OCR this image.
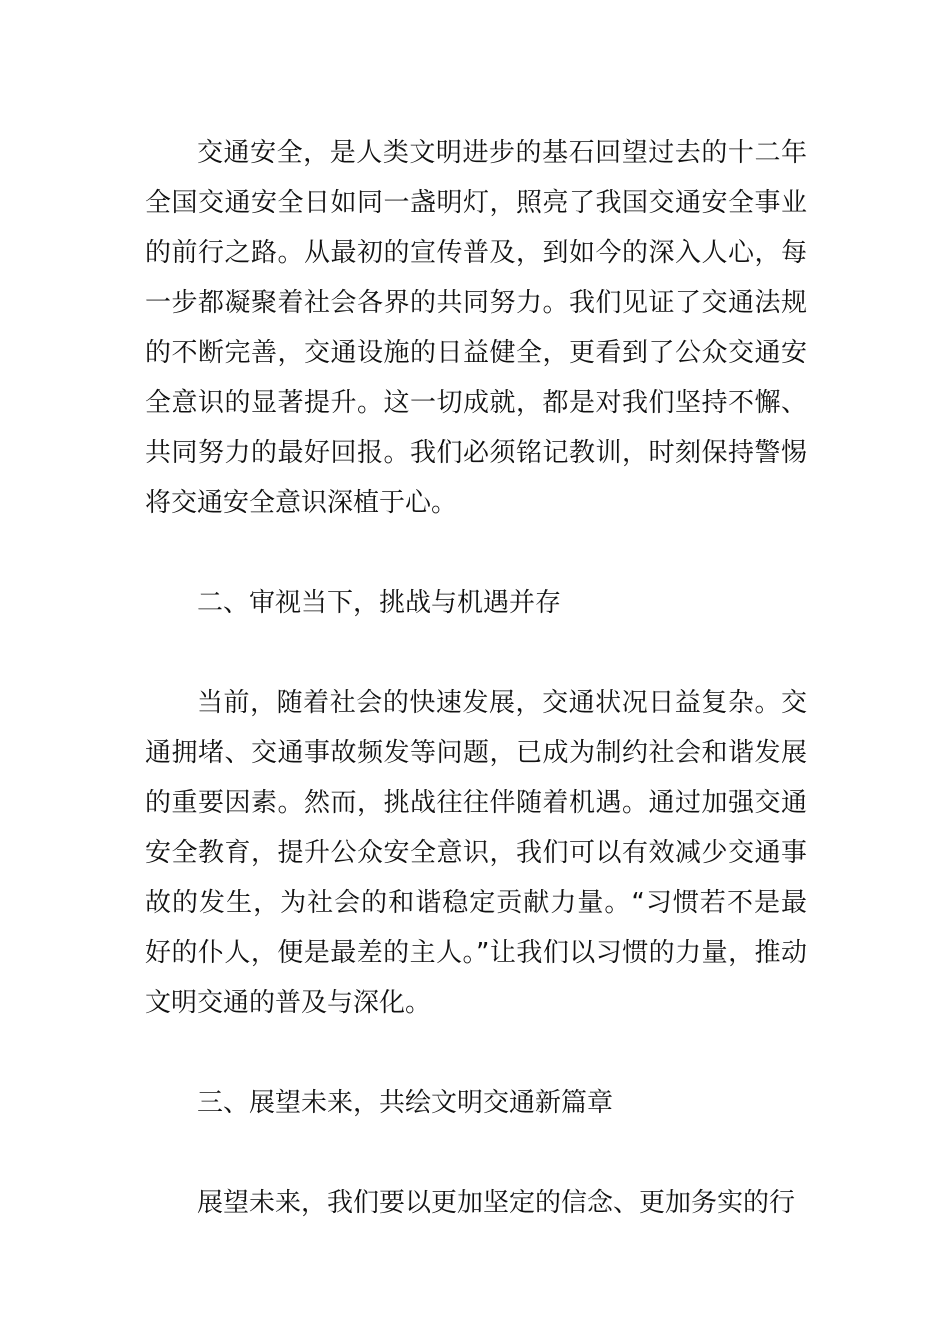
交通安全，是人类文明进步的基石回望过去的十二年全国交通安全日如同一盏明灯，照亮了我国交通安全事业的前行之路。从最初的宣传普及，到如今的深入人心，每一步都凝聚着社会各界的共同努力。我们见证了交通法规的不断完善，交通设施的日益健全，更看到了公众交通安全意识的显著提升。这一切成就，都是对我们坚持不懈、共同努力的最好回报。我们必须铭记教训，时刻保持警惕将交通安全意识深植于心。

二、审视当下，挑战与机遇并存

当前，随着社会的快速发展，交通状况日益复杂。交通拥堵、交通事故频发等问题，已成为制约社会和谐发展的重要因素。然而，挑战往往伴随着机遇。通过加强交通安全教育，提升公众安全意识，我们可以有效减少交通事故的发生，为社会的和谐稳定贡献力量。“习惯若不是最好的仆人，便是最差的主人。”让我们以习惯的力量，推动文明交通的普及与深化。

三、展望未来，共绘文明交通新篇章

展望未来，我们要以更加坚定的信念、更加务实的行
